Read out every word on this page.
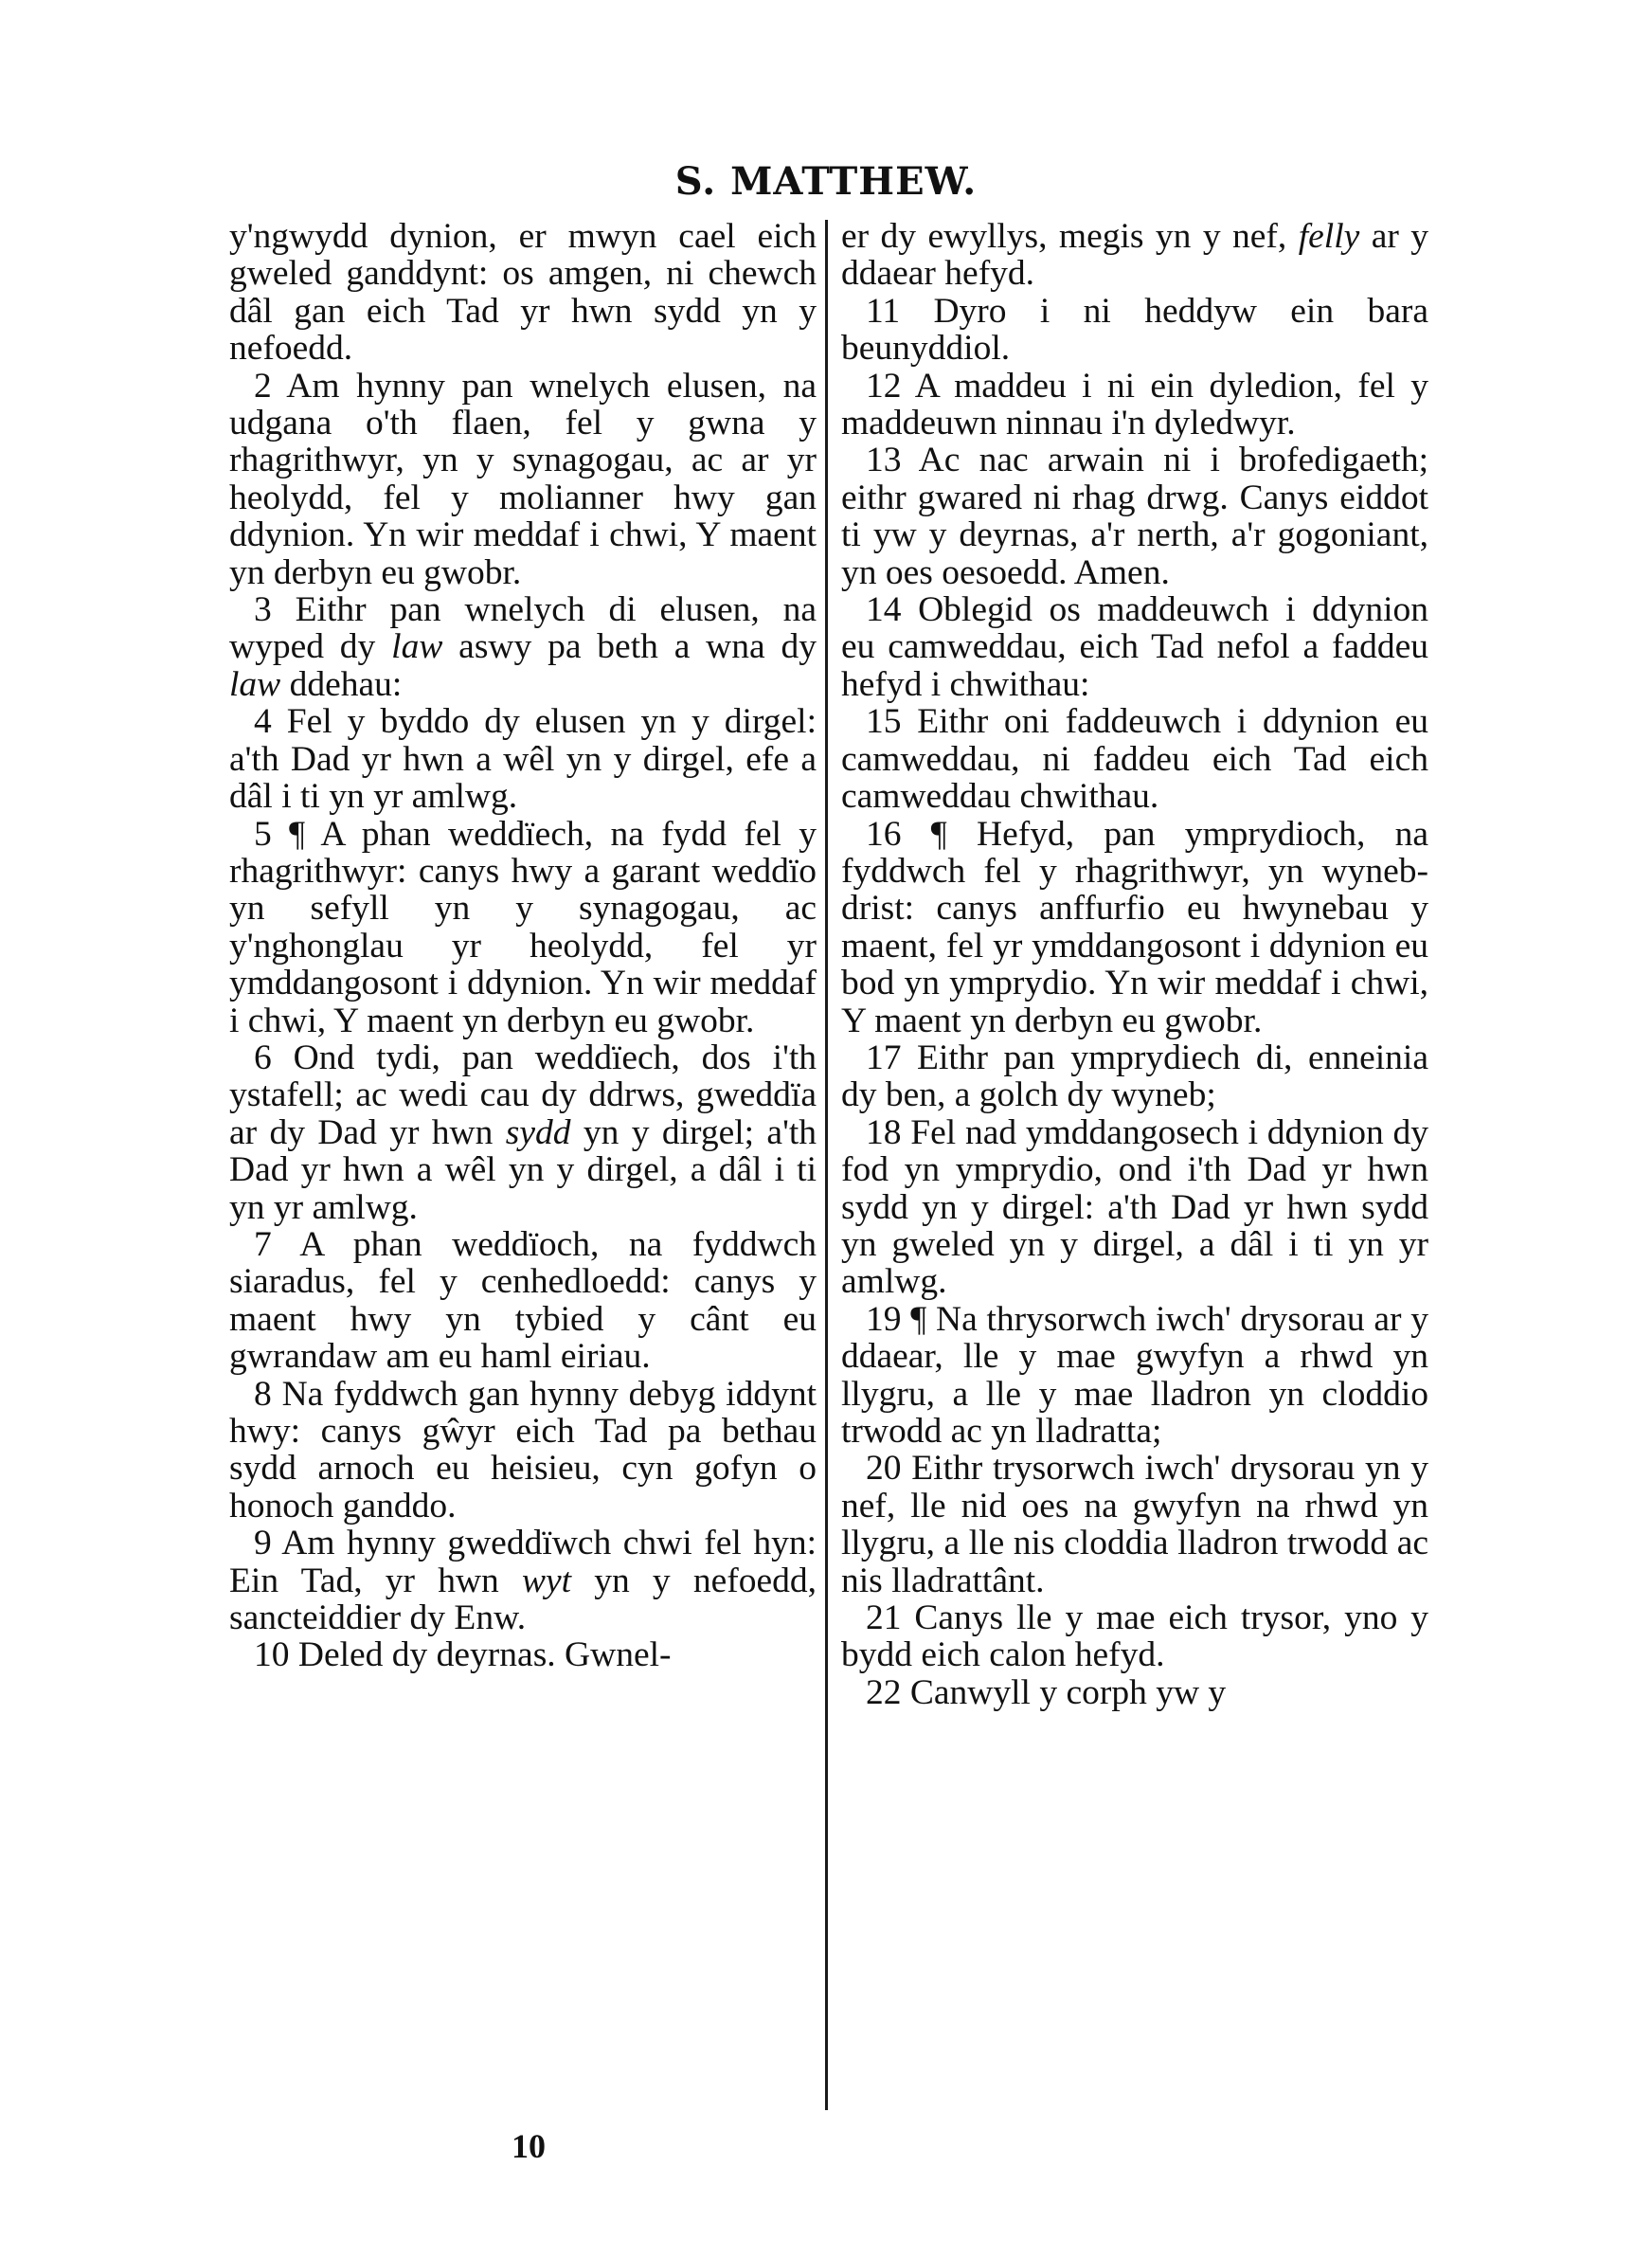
S. MATTHEW.

y'ngwydd dynion, er mwyn cael eich gweled ganddynt: os amgen, ni chewch dâl gan eich Tad yr hwn sydd yn y nefoedd.

2 Am hynny pan wnelych elusen, na udgana o'th flaen, fel y gwna y rhagrithwyr, yn y synagogau, ac ar yr heolydd, fel y molianner hwy gan ddynion. Yn wir meddaf i chwi, Y maent yn derbyn eu gwobr.

3 Eithr pan wnelych di elusen, na wyped dy law aswy pa beth a wna dy law ddehau:

4 Fel y byddo dy elusen yn y dirgel: a'th Dad yr hwn a wêl yn y dirgel, efe a dâl i ti yn yr amlwg.

5 ¶ A phan weddïech, na fydd fel y rhagrithwyr: canys hwy a garant weddïo yn sefyll yn y synagogau, ac y'nghonglau yr heolydd, fel yr ymddangosont i ddynion. Yn wir meddaf i chwi, Y maent yn derbyn eu gwobr.

6 Ond tydi, pan weddïech, dos i'th ystafell; ac wedi cau dy ddrws, gweddïa ar dy Dad yr hwn sydd yn y dirgel; a'th Dad yr hwn a wêl yn y dirgel, a dâl i ti yn yr amlwg.

7 A phan weddïoch, na fyddwch siaradus, fel y cenhedloedd: canys y maent hwy yn tybied y cânt eu gwrandaw am eu haml eiriau.

8 Na fyddwch gan hynny debyg iddynt hwy: canys gŵyr eich Tad pa bethau sydd arnoch eu heisieu, cyn gofyn o honoch ganddo.

9 Am hynny gweddïwch chwi fel hyn: Ein Tad, yr hwn wyt yn y nefoedd, sancteiddier dy Enw.

10 Deled dy deyrnas. Gwnel-

er dy ewyllys, megis yn y nef, felly ar y ddaear hefyd.

11 Dyro i ni heddyw ein bara beunyddiol.

12 A maddeu i ni ein dyledion, fel y maddeuwn ninnau i'n dyledwyr.

13 Ac nac arwain ni i brofedigaeth; eithr gwared ni rhag drwg. Canys eiddot ti yw y deyrnas, a'r nerth, a'r gogoniant, yn oes oesoedd. Amen.

14 Oblegid os maddeuwch i ddynion eu camweddau, eich Tad nefol a faddeu hefyd i chwithau:

15 Eithr oni faddeuwch i ddynion eu camweddau, ni faddeu eich Tad eich camweddau chwithau.

16 ¶ Hefyd, pan ymprydioch, na fyddwch fel y rhagrithwyr, yn wyneb-drist: canys anffurfio eu hwynebau y maent, fel yr ymddangosont i ddynion eu bod yn ymprydio. Yn wir meddaf i chwi, Y maent yn derbyn eu gwobr.

17 Eithr pan ymprydiech di, enneinia dy ben, a golch dy wyneb;

18 Fel nad ymddangosech i ddynion dy fod yn ymprydio, ond i'th Dad yr hwn sydd yn y dirgel: a'th Dad yr hwn sydd yn gweled yn y dirgel, a dâl i ti yn yr amlwg.

19 ¶ Na thrysorwch iwch' drysorau ar y ddaear, lle y mae gwyfyn a rhwd yn llygru, a lle y mae lladron yn cloddio trwodd ac yn lladratta;

20 Eithr trysorwch iwch' drysorau yn y nef, lle nid oes na gwyfyn na rhwd yn llygru, a lle nis cloddia lladron trwodd ac nis lladrattânt.

21 Canys lle y mae eich trysor, yno y bydd eich calon hefyd.

22 Canwyll y corph yw y

10
